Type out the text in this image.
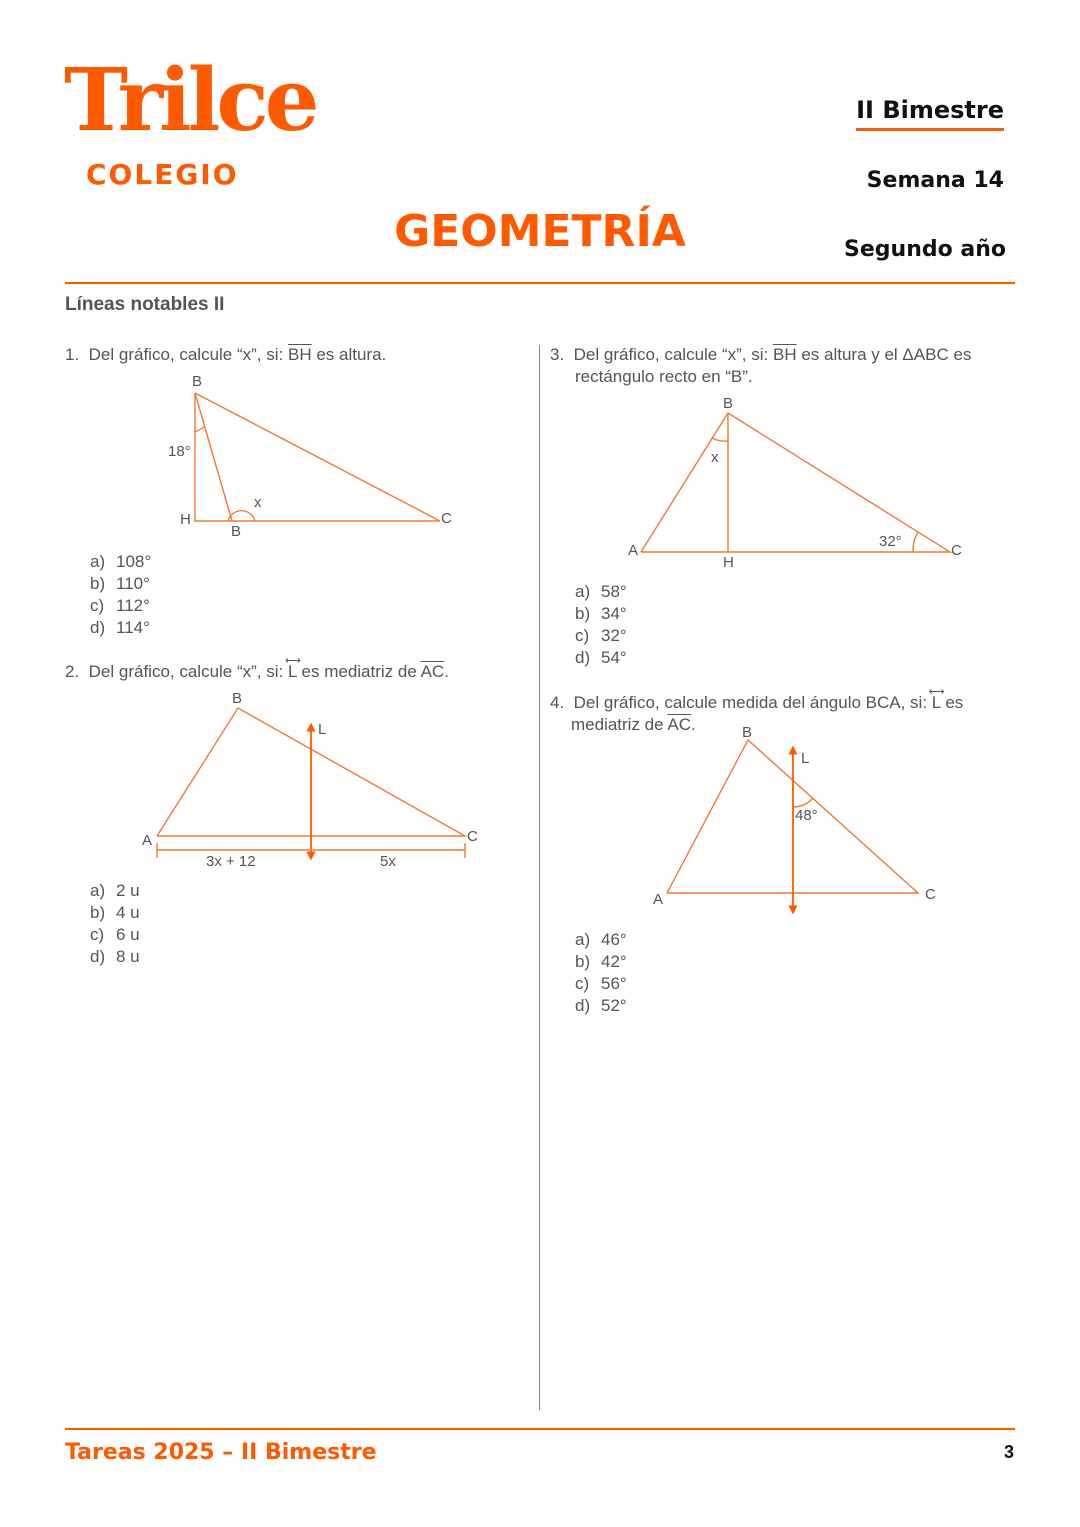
Trilce
COLEGIO
GEOMETRÍA
II Bimestre
Semana 14
Segundo año
Líneas notables II
1. Del gráfico, calcule “x”, si: $\overline{BH}$ es altura.
a) 108°
b) 110°
c) 112°
d) 114°
2. Del gráfico, calcule “x”, si:
⟷
L es mediatriz de $\overline{AC}$.
a) 2 u
b) 4 u
c) 6 u
d) 8 u
3. Del gráfico, calcule “x”, si: $\overline{BH}$ es altura y el ΔABC es
rectángulo recto en “B”.
a) 58°
b) 34°
c) 32°
d) 54°
4. Del gráfico, calcule medida del ángulo BCA, si:
⟷
L es
mediatriz de $\overline{AC}$.
a) 46°
b) 42°
c) 56°
d) 52°
B
H	C
B
18°
x
A
B
C
L
3x + 12	5x
B
A	C
H
x
32°
B
A	C
L
48°
Tareas 2025 – II Bimestre	3
